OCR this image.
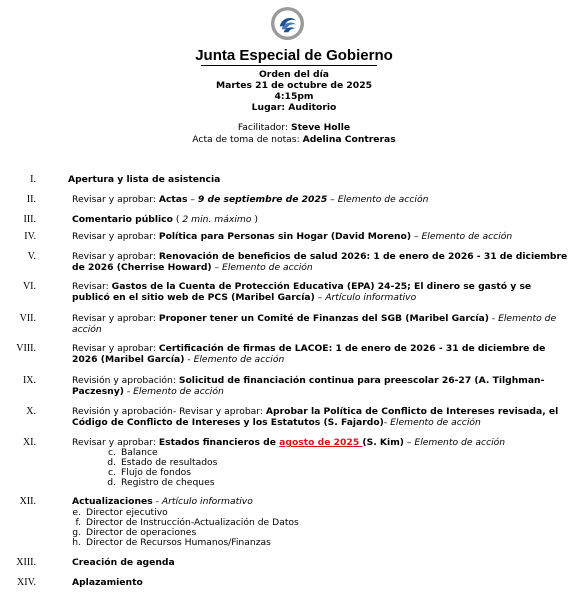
Junta Especial de Gobierno
Orden del día
Martes 21 de octubre de 2025
4:15pm
Lugar: Auditorio
Facilitador: Steve Holle
Acta de toma de notas: Adelina Contreras
I.	Apertura y lista de asistencia
II.	Revisar y aprobar: Actas – 9 de septiembre de 2025 – Elemento de acción
III.	Comentario público ( 2 min. máximo )
IV.	Revisar y aprobar: Política para Personas sin Hogar (David Moreno) – Elemento de acción
V.	Revisar y aprobar: Renovación de beneficios de salud 2026: 1 de enero de 2026 - 31 de diciembre de 2026 (Cherrise Howard) – Elemento de acción
VI.	Revisar: Gastos de la Cuenta de Protección Educativa (EPA) 24-25; El dinero se gastó y se publicó en el sitio web de PCS (Maribel García) – Artículo informativo
VII.	Revisar y aprobar: Proponer tener un Comité de Finanzas del SGB (Maribel García) - Elemento de acción
VIII.	Revisar y aprobar: Certificación de firmas de LACOE: 1 de enero de 2026 - 31 de diciembre de 2026 (Maribel García) - Elemento de acción
IX.	Revisión y aprobación: Solicitud de financiación continua para preescolar 26-27 (A. Tilghman-Paczesny) - Elemento de acción
X.	Revisión y aprobación- Revisar y aprobar: Aprobar la Política de Conflicto de Intereses revisada, el Código de Conflicto de Intereses y los Estatutos (S. Fajardo)- Elemento de acción
XI.	Revisar y aprobar: Estados financieros de agosto de 2025 (S. Kim) – Elemento de acción
c. Balance
d. Estado de resultados
c. Flujo de fondos
d. Registro de cheques
XII.	Actualizaciones - Artículo informativo
e. Director ejecutivo
f. Director de Instrucción-Actualización de Datos
g. Director de operaciones
h. Director de Recursos Humanos/Finanzas
XIII.	Creación de agenda
XIV.	Aplazamiento
